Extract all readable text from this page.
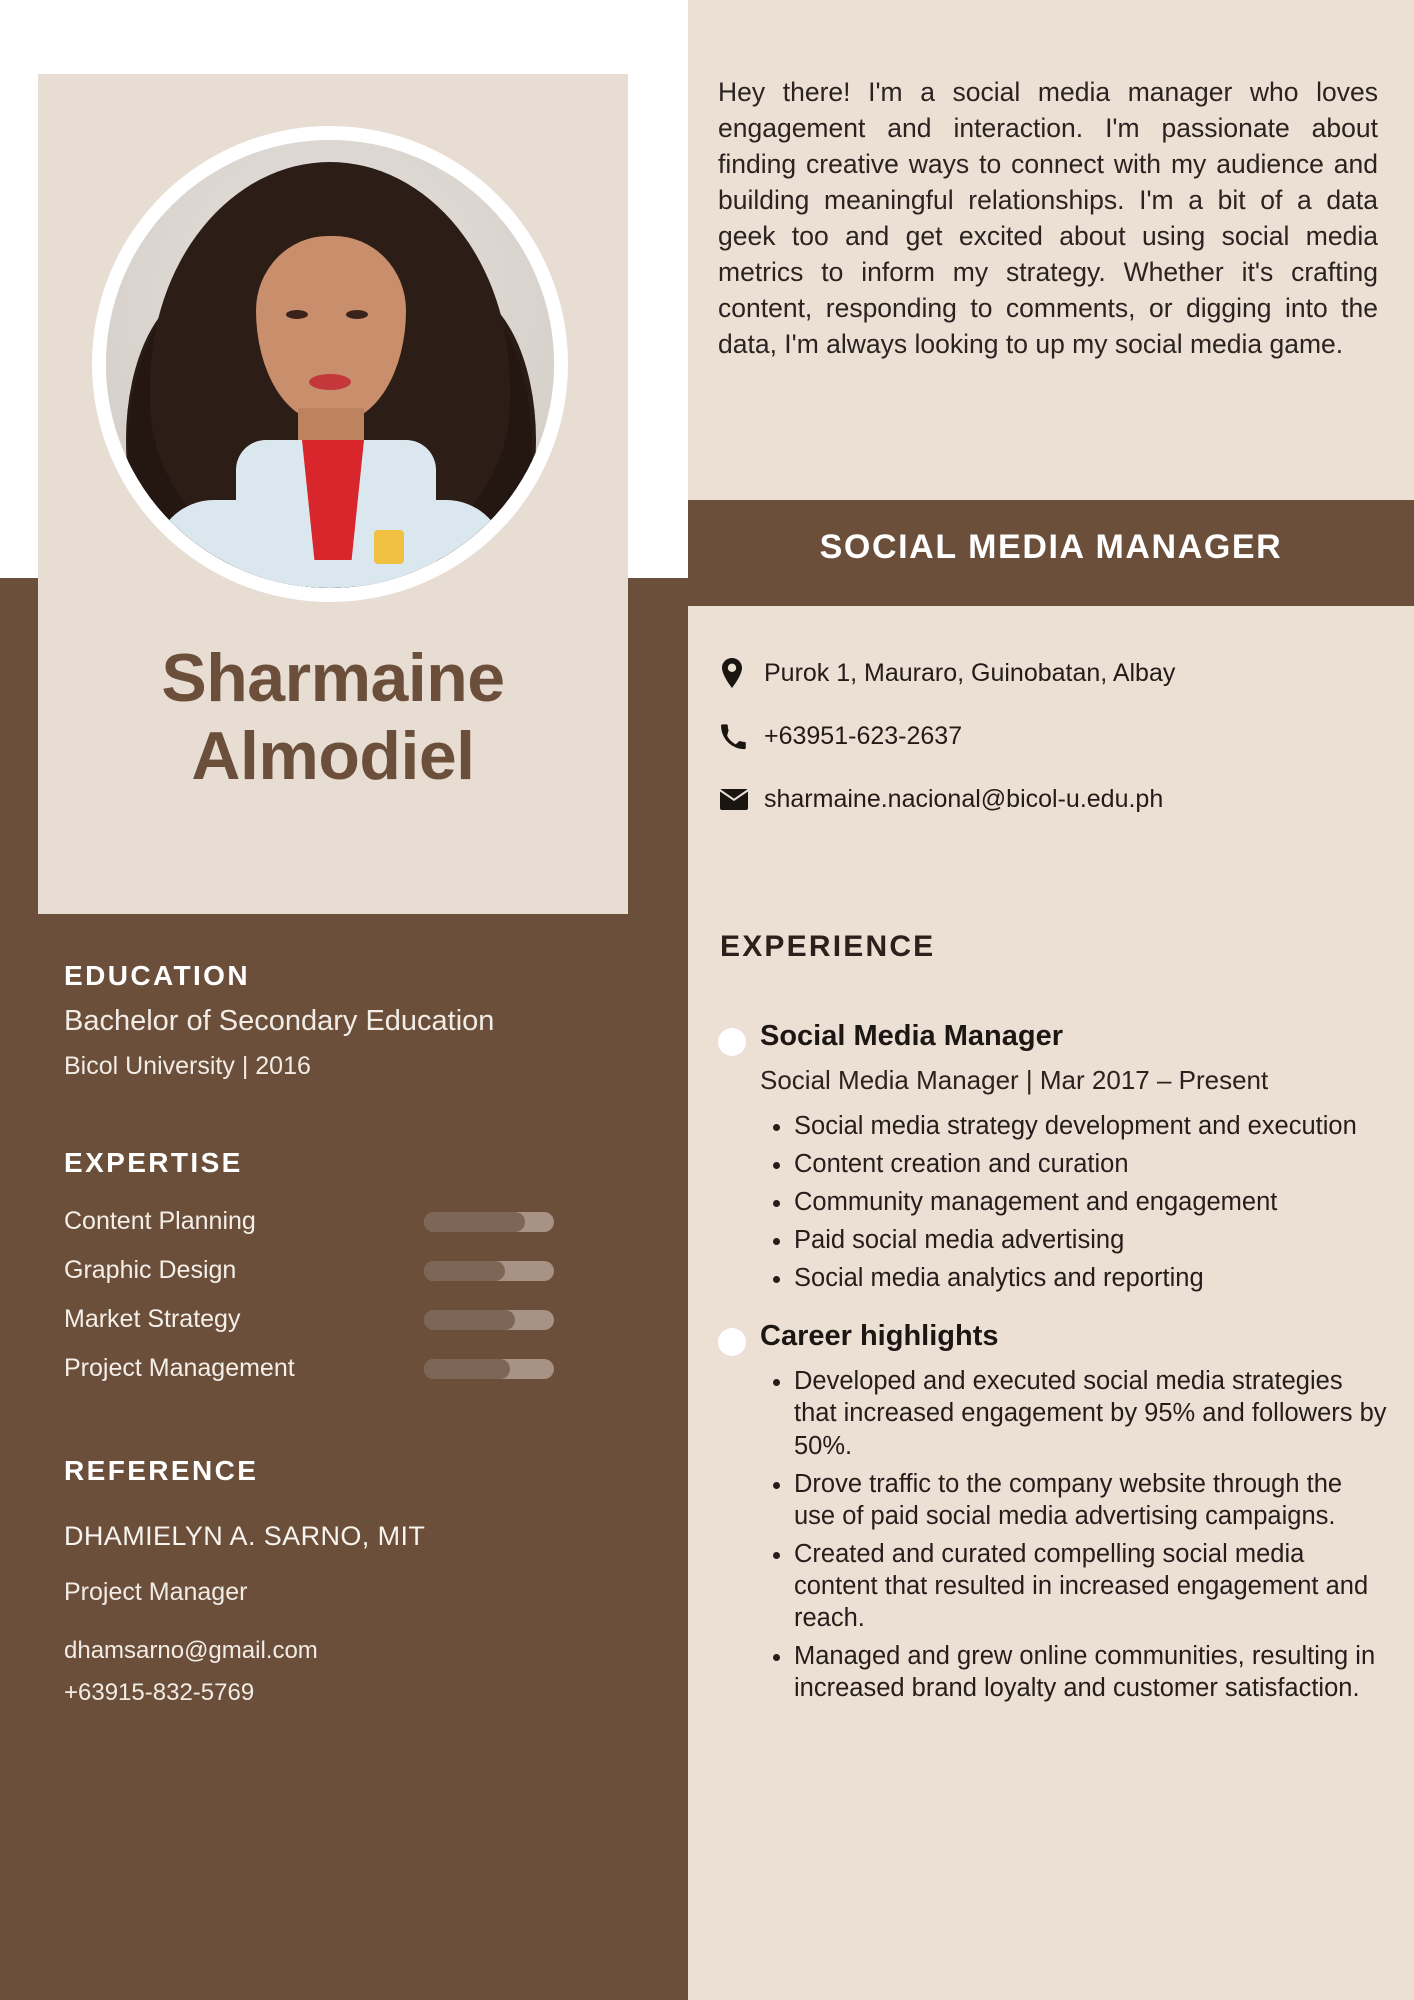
Sharmaine
Almodiel
EDUCATION

Bachelor of Secondary Education

Bicol University | 2016

EXPERTISE
Content Planning
Graphic Design
Market Strategy
Project Management
REFERENCE

DHAMIELYN A. SARNO, MIT

Project Manager

dhamsarno@gmail.com

+63915-832-5769

Hey there! I'm a social media manager who loves engagement and interaction. I'm passionate about finding creative ways to connect with my audience and building meaningful relationships. I'm a bit of a data geek too and get excited about using social media metrics to inform my strategy. Whether it's crafting content, responding to comments, or digging into the data, I'm always looking to up my social media game.
SOCIAL MEDIA MANAGER
Purok 1, Mauraro, Guinobatan, Albay
+63951-623-2637
sharmaine.nacional@bicol-u.edu.ph
EXPERIENCE

Social Media Manager

Social Media Manager | Mar 2017 – Present

• Social media strategy development and execution
• Content creation and curation
• Community management and engagement
• Paid social media advertising
• Social media analytics and reporting

Career highlights

• Developed and executed social media strategies that increased engagement by 95% and followers by 50%.
• Drove traffic to the company website through the use of paid social media advertising campaigns.
• Created and curated compelling social media content that resulted in increased engagement and reach.
• Managed and grew online communities, resulting in increased brand loyalty and customer satisfaction.
